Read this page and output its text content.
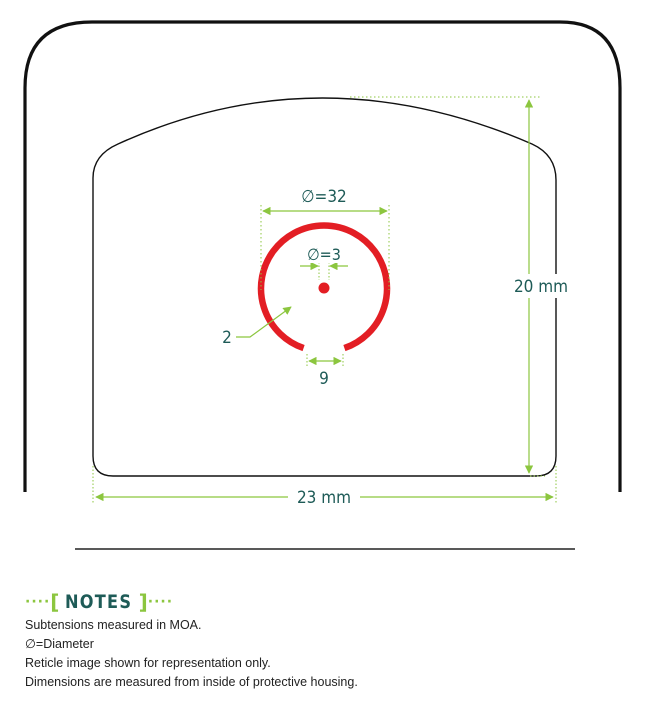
∅=32
∅=3
2
9
20 mm
23 mm
···· [ NOTES ] ····
Subtensions measured in MOA.
∅=Diameter
Reticle image shown for representation only.
Dimensions are measured from inside of protective housing.
